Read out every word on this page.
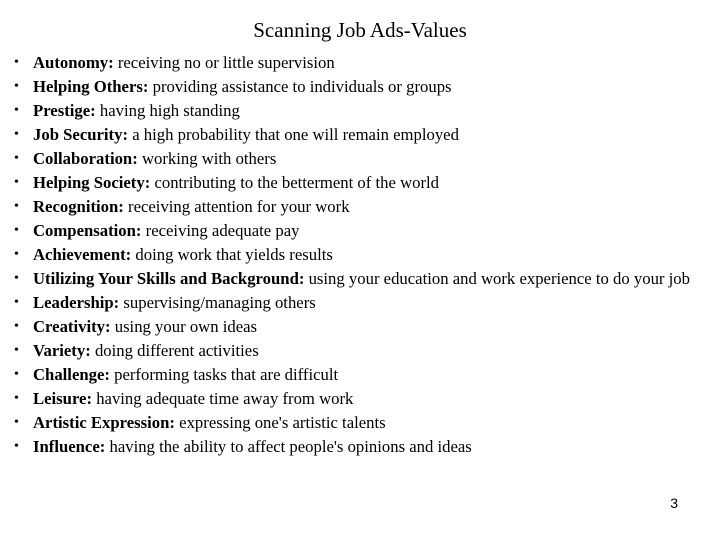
Scanning Job Ads-Values
• Autonomy: receiving no or little supervision
• Helping Others: providing assistance to individuals or groups
• Prestige: having high standing
• Job Security: a high probability that one will remain employed
• Collaboration: working with others
• Helping Society: contributing to the betterment of the world
• Recognition: receiving attention for your work
• Compensation: receiving adequate pay
• Achievement: doing work that yields results
• Utilizing Your Skills and Background: using your education and work experience to do your job
• Leadership: supervising/managing others
• Creativity: using your own ideas
• Variety: doing different activities
• Challenge: performing tasks that are difficult
• Leisure: having adequate time away from work
• Artistic Expression: expressing one's artistic talents
• Influence: having the ability to affect people's opinions and ideas
3
